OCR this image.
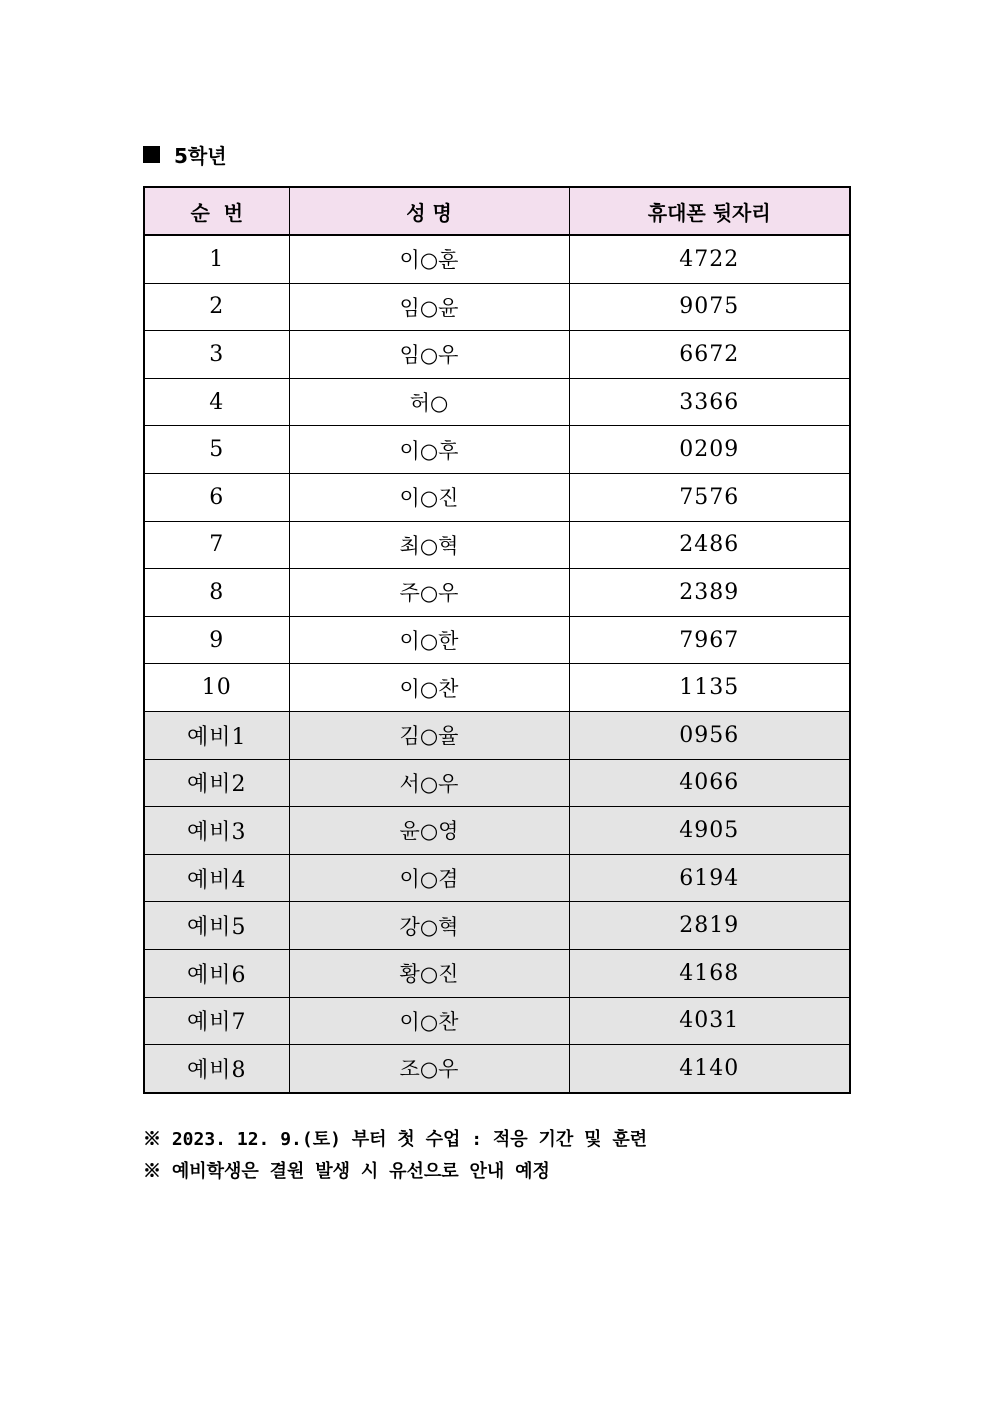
5학년
순  번	성 명	휴대폰 뒷자리
1	이○훈	4722
2	임○윤	9075
3	임○우	6672
4	허○	3366
5	이○후	0209
6	이○진	7576
7	최○혁	2486
8	주○우	2389
9	이○한	7967
10	이○찬	1135
예비1	김○율	0956
예비2	서○우	4066
예비3	윤○영	4905
예비4	이○겸	6194
예비5	강○혁	2819
예비6	황○진	4168
예비7	이○찬	4031
예비8	조○우	4140
※ 2023. 12. 9.(토) 부터 첫 수업 : 적응 기간 및 훈련
※ 예비학생은 결원 발생 시 유선으로 안내 예정
